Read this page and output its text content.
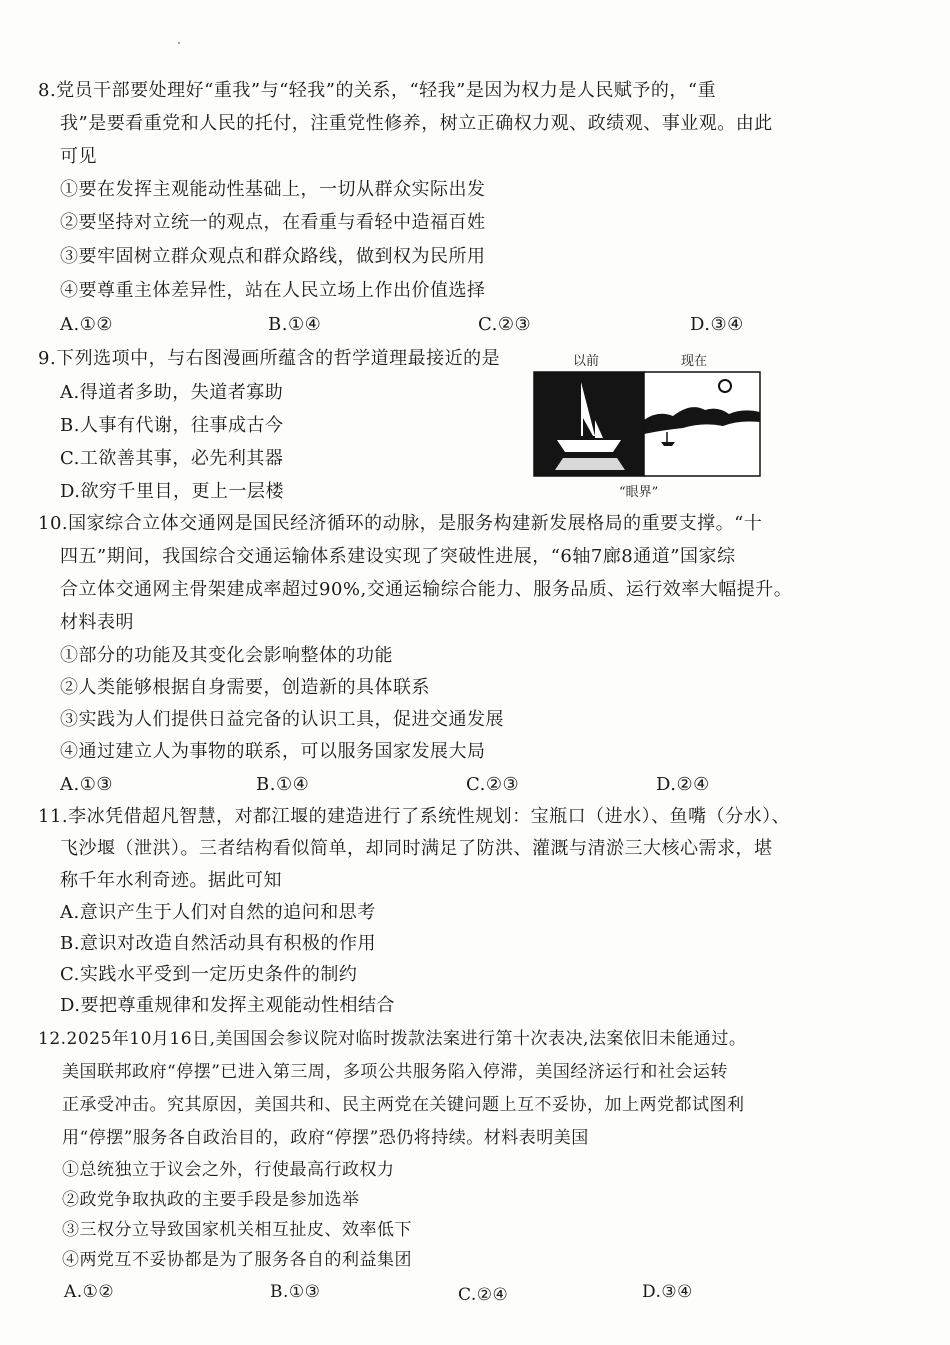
8.党员干部要处理好“重我”与“轻我”的关系，“轻我”是因为权力是人民赋予的，“重
我”是要看重党和人民的托付，注重党性修养，树立正确权力观、政绩观、事业观。由此
可见
①要在发挥主观能动性基础上，一切从群众实际出发
②要坚持对立统一的观点，在看重与看轻中造福百姓
③要牢固树立群众观点和群众路线，做到权为民所用
④要尊重主体差异性，站在人民立场上作出价值选择
A.①②	B.①④	C.②③	D.③④
9.下列选项中，与右图漫画所蕴含的哲学道理最接近的是
A.得道者多助，失道者寡助
B.人事有代谢，往事成古今
C.工欲善其事，必先利其器
D.欲穷千里目，更上一层楼
以前	现在
“眼界”
10.国家综合立体交通网是国民经济循环的动脉，是服务构建新发展格局的重要支撑。“十
四五”期间，我国综合交通运输体系建设实现了突破性进展，“6轴7廊8通道”国家综
合立体交通网主骨架建成率超过90%,交通运输综合能力、服务品质、运行效率大幅提升。
材料表明
①部分的功能及其变化会影响整体的功能
②人类能够根据自身需要，创造新的具体联系
③实践为人们提供日益完备的认识工具，促进交通发展
④通过建立人为事物的联系，可以服务国家发展大局
A.①③	B.①④	C.②③	D.②④
11.李冰凭借超凡智慧，对都江堰的建造进行了系统性规划：宝瓶口（进水）、鱼嘴（分水）、
飞沙堰（泄洪）。三者结构看似简单，却同时满足了防洪、灌溉与清淤三大核心需求，堪
称千年水利奇迹。据此可知
A.意识产生于人们对自然的追问和思考
B.意识对改造自然活动具有积极的作用
C.实践水平受到一定历史条件的制约
D.要把尊重规律和发挥主观能动性相结合
12.2025年10月16日,美国国会参议院对临时拨款法案进行第十次表决,法案依旧未能通过。
美国联邦政府“停摆”已进入第三周，多项公共服务陷入停滞，美国经济运行和社会运转
正承受冲击。究其原因，美国共和、民主两党在关键问题上互不妥协，加上两党都试图利
用“停摆”服务各自政治目的，政府“停摆”恐仍将持续。材料表明美国
①总统独立于议会之外，行使最高行政权力
②政党争取执政的主要手段是参加选举
③三权分立导致国家机关相互扯皮、效率低下
④两党互不妥协都是为了服务各自的利益集团
A.①②	B.①③	C.②④	D.③④
